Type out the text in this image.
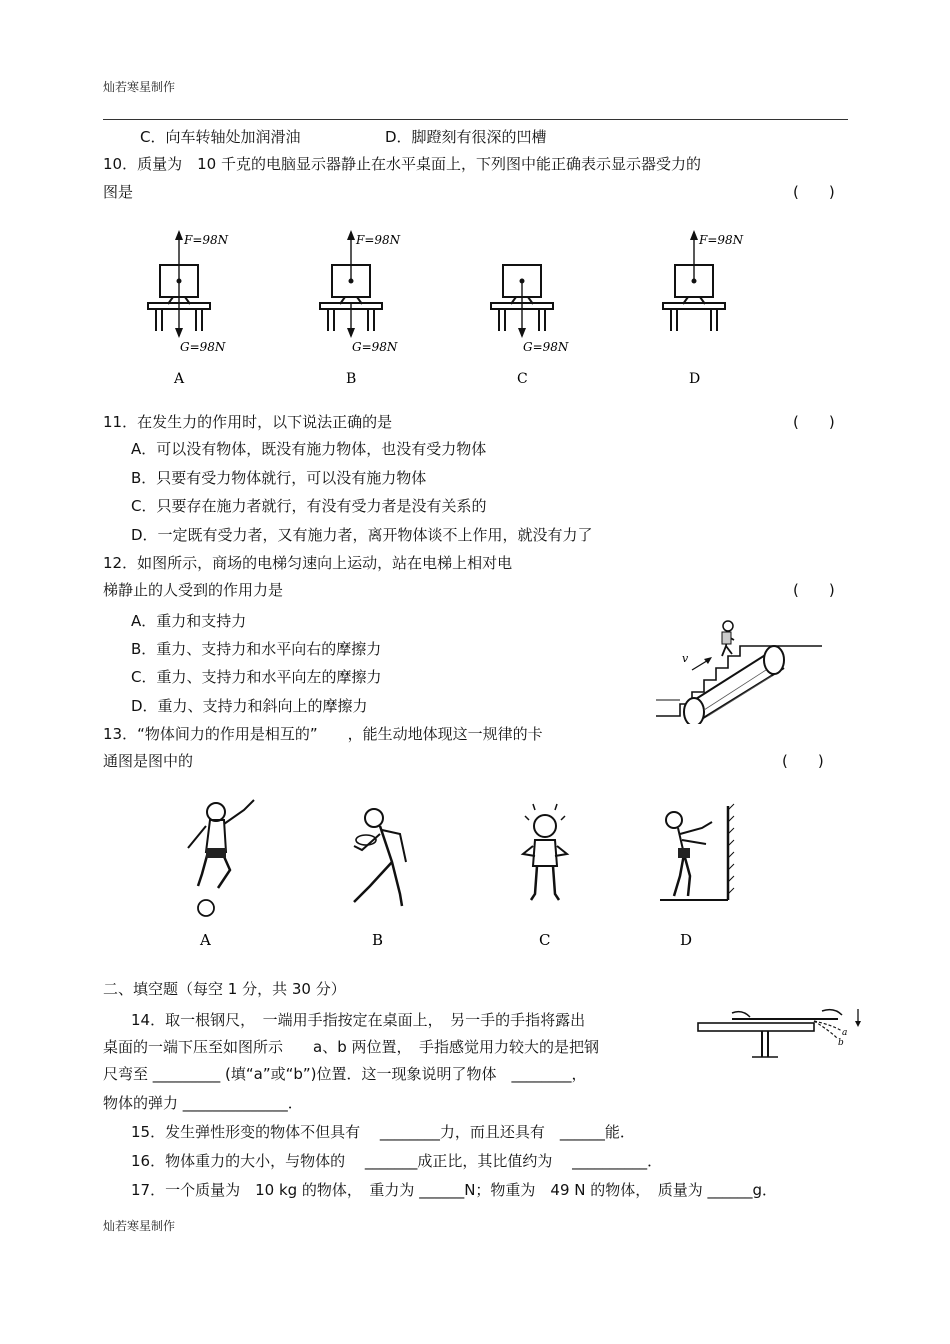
灿若寒星制作
C．向车转轴处加润滑油	D．脚蹬刻有很深的凹槽
10．质量为　10 千克的电脑显示器静止在水平桌面上，下列图中能正确表示显示器受力的
图是	(　　)
F=98N
G=98N
A
F=98N
G=98N
B
G=98N
C
F=98N
D
11．在发生力的作用时，以下说法正确的是	(　　)
A．可以没有物体，既没有施力物体，也没有受力物体
B．只要有受力物体就行，可以没有施力物体
C．只要存在施力者就行，有没有受力者是没有关系的
D．一定既有受力者，又有施力者，离开物体谈不上作用，就没有力了
12．如图所示，商场的电梯匀速向上运动，站在电梯上相对电
梯静止的人受到的作用力是	(　　)
A．重力和支持力
B．重力、支持力和水平向右的摩擦力
C．重力、支持力和水平向左的摩擦力
D．重力、支持力和斜向上的摩擦力
v
13．“物体间力的作用是相互的”　　，能生动地体现这一规律的卡
通图是图中的	(　　)
A	B	C	D
二、填空题（每空 1 分，共 30 分）
14．取一根钢尺，　一端用手指按定在桌面上，　另一手的手指将露出
桌面的一端下压至如图所示　　a、b 两位置，　手指感觉用力较大的是把钢
尺弯至 _________ (填“a”或“b”)位置．这一现象说明了物体　________，
物体的弹力 ______________．
a
b
15．发生弹性形变的物体不但具有　 ________力，而且还具有　______能．
16．物体重力的大小，与物体的　 _______成正比，其比值约为　 __________．
17．一个质量为　10 kg 的物体，　重力为 ______N；物重为　49 N 的物体，　质量为 ______g．
灿若寒星制作
